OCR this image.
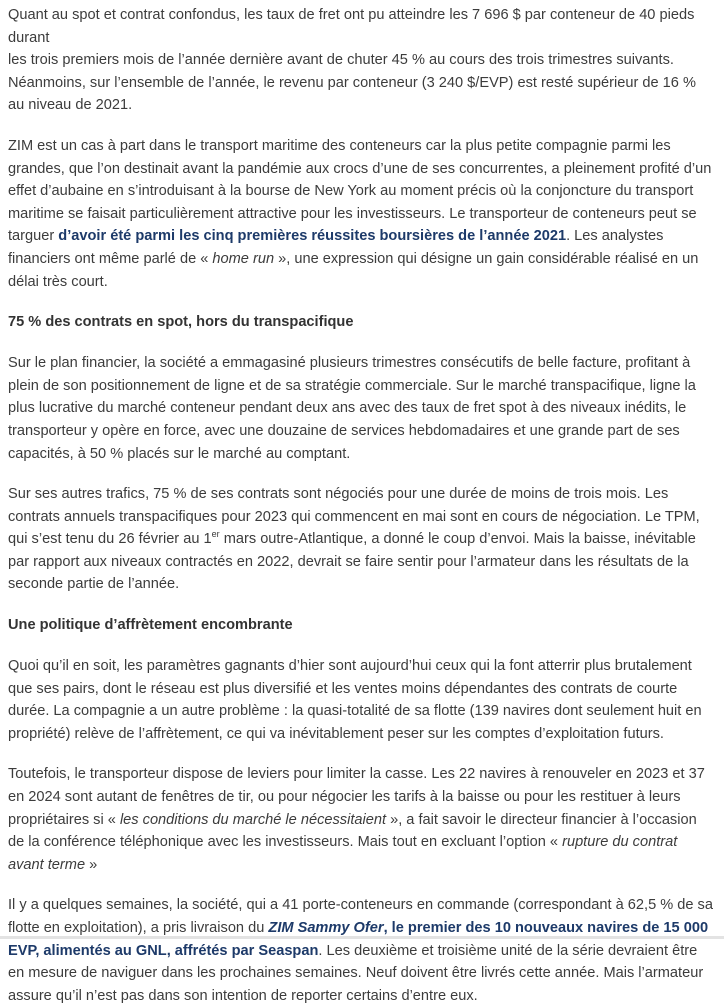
Quant au spot et contrat confondus, les taux de fret ont pu atteindre les 7 696 $ par conteneur de 40 pieds durant
les trois premiers mois de l’année dernière avant de chuter 45 % au cours des trois trimestres suivants.
Néanmoins, sur l’ensemble de l’année, le revenu par conteneur (3 240 $/EVP) est resté supérieur de 16 %
au niveau de 2021.

ZIM est un cas à part dans le transport maritime des conteneurs car la plus petite compagnie parmi les grandes, que l’on destinait avant la pandémie aux crocs d’une de ses concurrentes, a pleinement profité d’un effet d’aubaine en s’introduisant à la bourse de New York au moment précis où la conjoncture du transport maritime se faisait particulièrement attractive pour les investisseurs. Le transporteur de conteneurs peut se targuer d’avoir été parmi les cinq premières réussites boursières de l’année 2021. Les analystes financiers ont même parlé de « home run », une expression qui désigne un gain considérable réalisé en un délai très court.

75 % des contrats en spot, hors du transpacifique

Sur le plan financier, la société a emmagasiné plusieurs trimestres consécutifs de belle facture, profitant à plein de son positionnement de ligne et de sa stratégie commerciale. Sur le marché transpacifique, ligne la plus lucrative du marché conteneur pendant deux ans avec des taux de fret spot à des niveaux inédits, le transporteur y opère en force, avec une douzaine de services hebdomadaires et une grande part de ses capacités, à 50 % placés sur le marché au comptant.

Sur ses autres trafics, 75 % de ses contrats sont négociés pour une durée de moins de trois mois. Les contrats annuels transpacifiques pour 2023 qui commencent en mai sont en cours de négociation. Le TPM, qui s’est tenu du 26 février au 1er mars outre-Atlantique, a donné le coup d’envoi. Mais la baisse, inévitable par rapport aux niveaux contractés en 2022, devrait se faire sentir pour l’armateur dans les résultats de la seconde partie de l’année.

Une politique d’affrètement encombrante

Quoi qu’il en soit, les paramètres gagnants d’hier sont aujourd’hui ceux qui la font atterrir plus brutalement que ses pairs, dont le réseau est plus diversifié et les ventes moins dépendantes des contrats de courte durée. La compagnie a un autre problème : la quasi-totalité de sa flotte (139 navires dont seulement huit en propriété) relève de l’affrètement, ce qui va inévitablement peser sur les comptes d’exploitation futurs.

Toutefois, le transporteur dispose de leviers pour limiter la casse. Les 22 navires à renouveler en 2023 et 37 en 2024 sont autant de fenêtres de tir, ou pour négocier les tarifs à la baisse ou pour les restituer à leurs propriétaires si « les conditions du marché le nécessitaient », a fait savoir le directeur financier à l’occasion de la conférence téléphonique avec les investisseurs. Mais tout en excluant l’option « rupture du contrat avant terme »

Il y a quelques semaines, la société, qui a 41 porte-conteneurs en commande (correspondant à 62,5 % de sa flotte en exploitation), a pris livraison du ZIM Sammy Ofer, le premier des 10 nouveaux navires de 15 000 EVP, alimentés au GNL, affrétés par Seaspan. Les deuxième et troisième unité de la série devraient être en mesure de naviguer dans les prochaines semaines. Neuf doivent être livrés cette année. Mais l’armateur assure qu’il n’est pas dans son intention de reporter certains d’entre eux.
